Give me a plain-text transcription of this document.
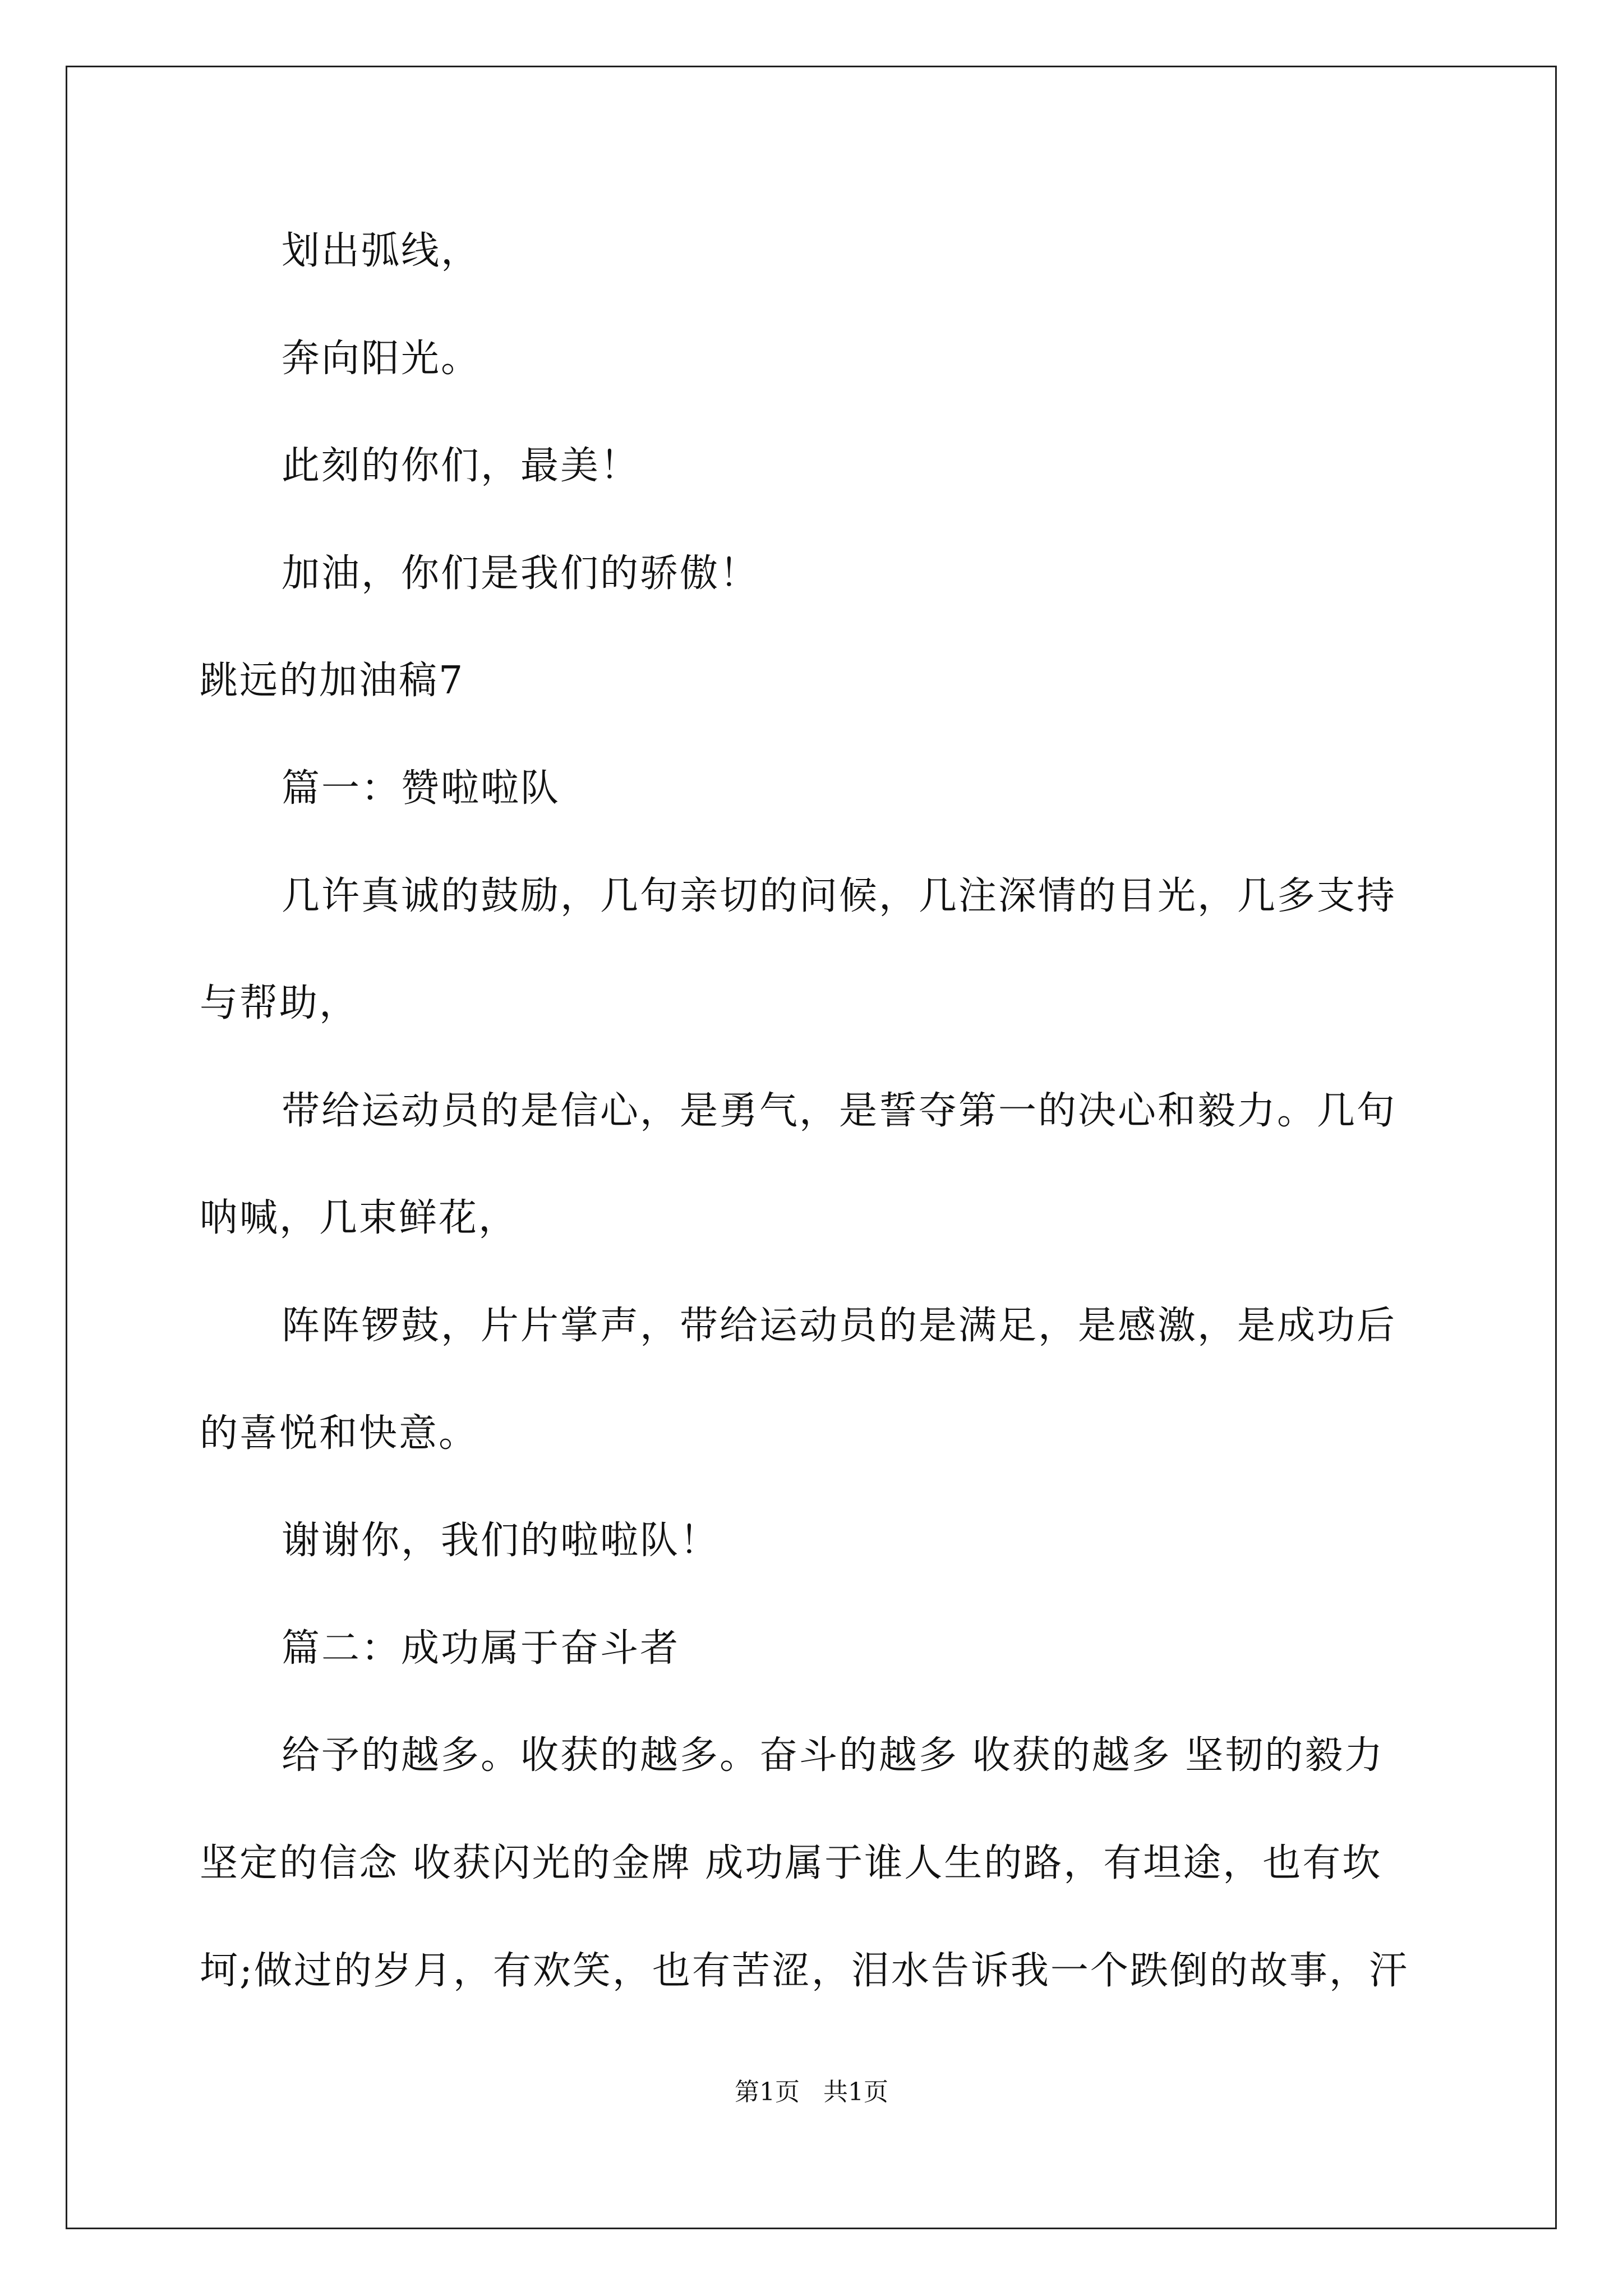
划出弧线，
奔向阳光。
此刻的你们，最美！
加油，你们是我们的骄傲！
跳远的加油稿7
篇一：赞啦啦队
几许真诚的鼓励，几句亲切的问候，几注深情的目光，几多支持
与帮助，
带给运动员的是信心，是勇气，是誓夺第一的决心和毅力。几句
呐喊，几束鲜花，
阵阵锣鼓，片片掌声，带给运动员的是满足，是感激，是成功后
的喜悦和快意。
谢谢你，我们的啦啦队！
篇二：成功属于奋斗者
给予的越多。收获的越多。奋斗的越多 收获的越多 坚韧的毅力
坚定的信念 收获闪光的金牌 成功属于谁人生的路，有坦途，也有坎
坷;做过的岁月，有欢笑，也有苦涩，泪水告诉我一个跌倒的故事，汗
第1页   共1页
